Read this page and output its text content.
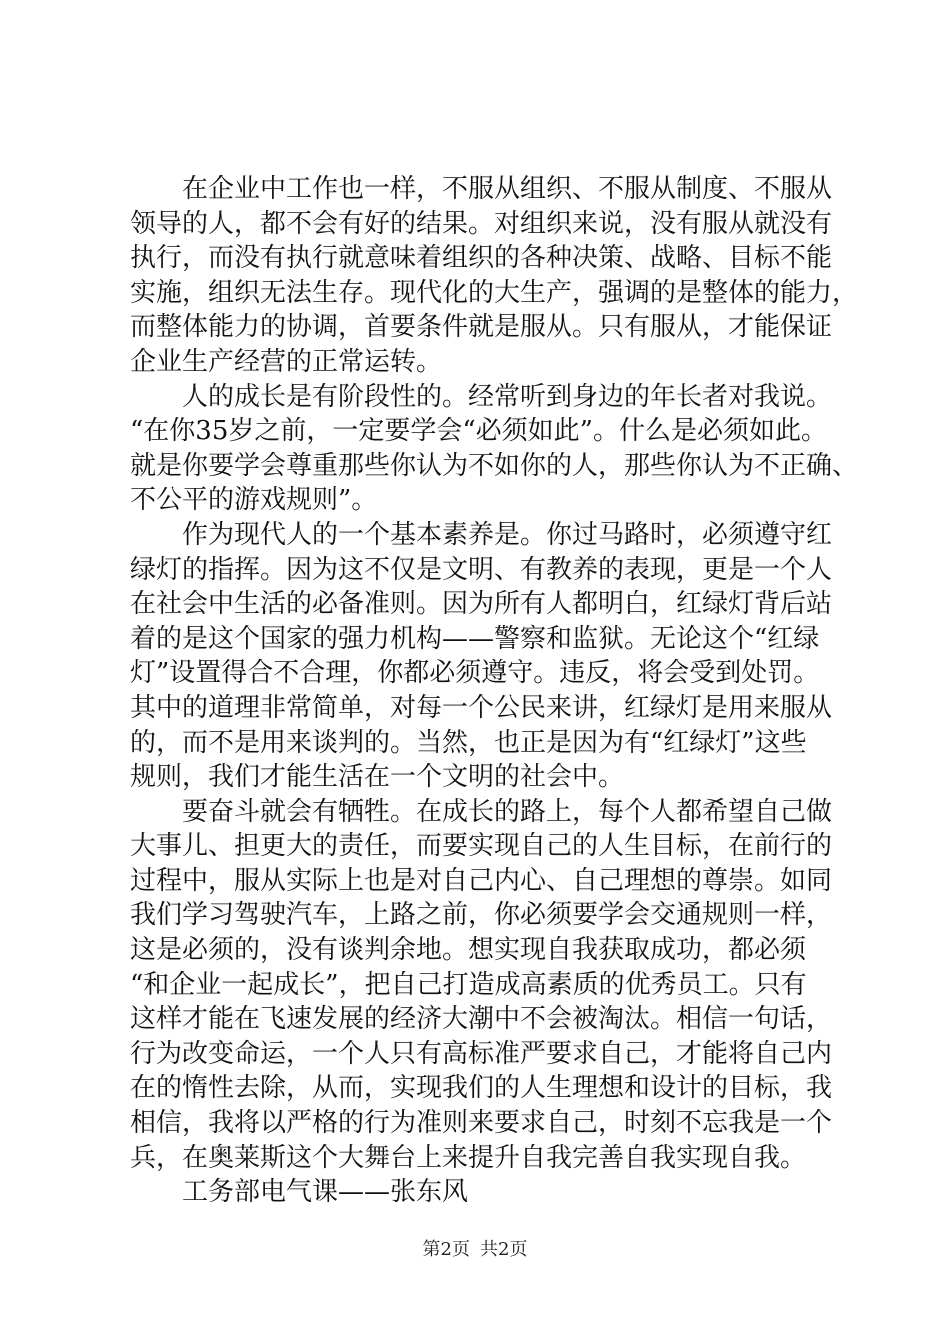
在企业中工作也一样，不服从组织、不服从制度、不服从
领导的人，都不会有好的结果。对组织来说，没有服从就没有
执行，而没有执行就意味着组织的各种决策、战略、目标不能
实施，组织无法生存。现代化的大生产，强调的是整体的能力，
而整体能力的协调，首要条件就是服从。只有服从，才能保证
企业生产经营的正常运转。
人的成长是有阶段性的。经常听到身边的年长者对我说。
“在你35岁之前，一定要学会“必须如此”。什么是必须如此。
就是你要学会尊重那些你认为不如你的人，那些你认为不正确、
不公平的游戏规则”。
作为现代人的一个基本素养是。你过马路时，必须遵守红
绿灯的指挥。因为这不仅是文明、有教养的表现，更是一个人
在社会中生活的必备准则。因为所有人都明白，红绿灯背后站
着的是这个国家的强力机构——警察和监狱。无论这个“红绿
灯”设置得合不合理，你都必须遵守。违反，将会受到处罚。
其中的道理非常简单，对每一个公民来讲，红绿灯是用来服从
的，而不是用来谈判的。当然，也正是因为有“红绿灯”这些
规则，我们才能生活在一个文明的社会中。
要奋斗就会有牺牲。在成长的路上，每个人都希望自己做
大事儿、担更大的责任，而要实现自己的人生目标，在前行的
过程中，服从实际上也是对自己内心、自己理想的尊崇。如同
我们学习驾驶汽车，上路之前，你必须要学会交通规则一样，
这是必须的，没有谈判余地。想实现自我获取成功，都必须
“和企业一起成长”，把自己打造成高素质的优秀员工。只有
这样才能在飞速发展的经济大潮中不会被淘汰。相信一句话，
行为改变命运，一个人只有高标准严要求自己，才能将自己内
在的惰性去除，从而，实现我们的人生理想和设计的目标，我
相信，我将以严格的行为准则来要求自己，时刻不忘我是一个
兵，在奥莱斯这个大舞台上来提升自我完善自我实现自我。
工务部电气课——张东风
第2页 共2页
